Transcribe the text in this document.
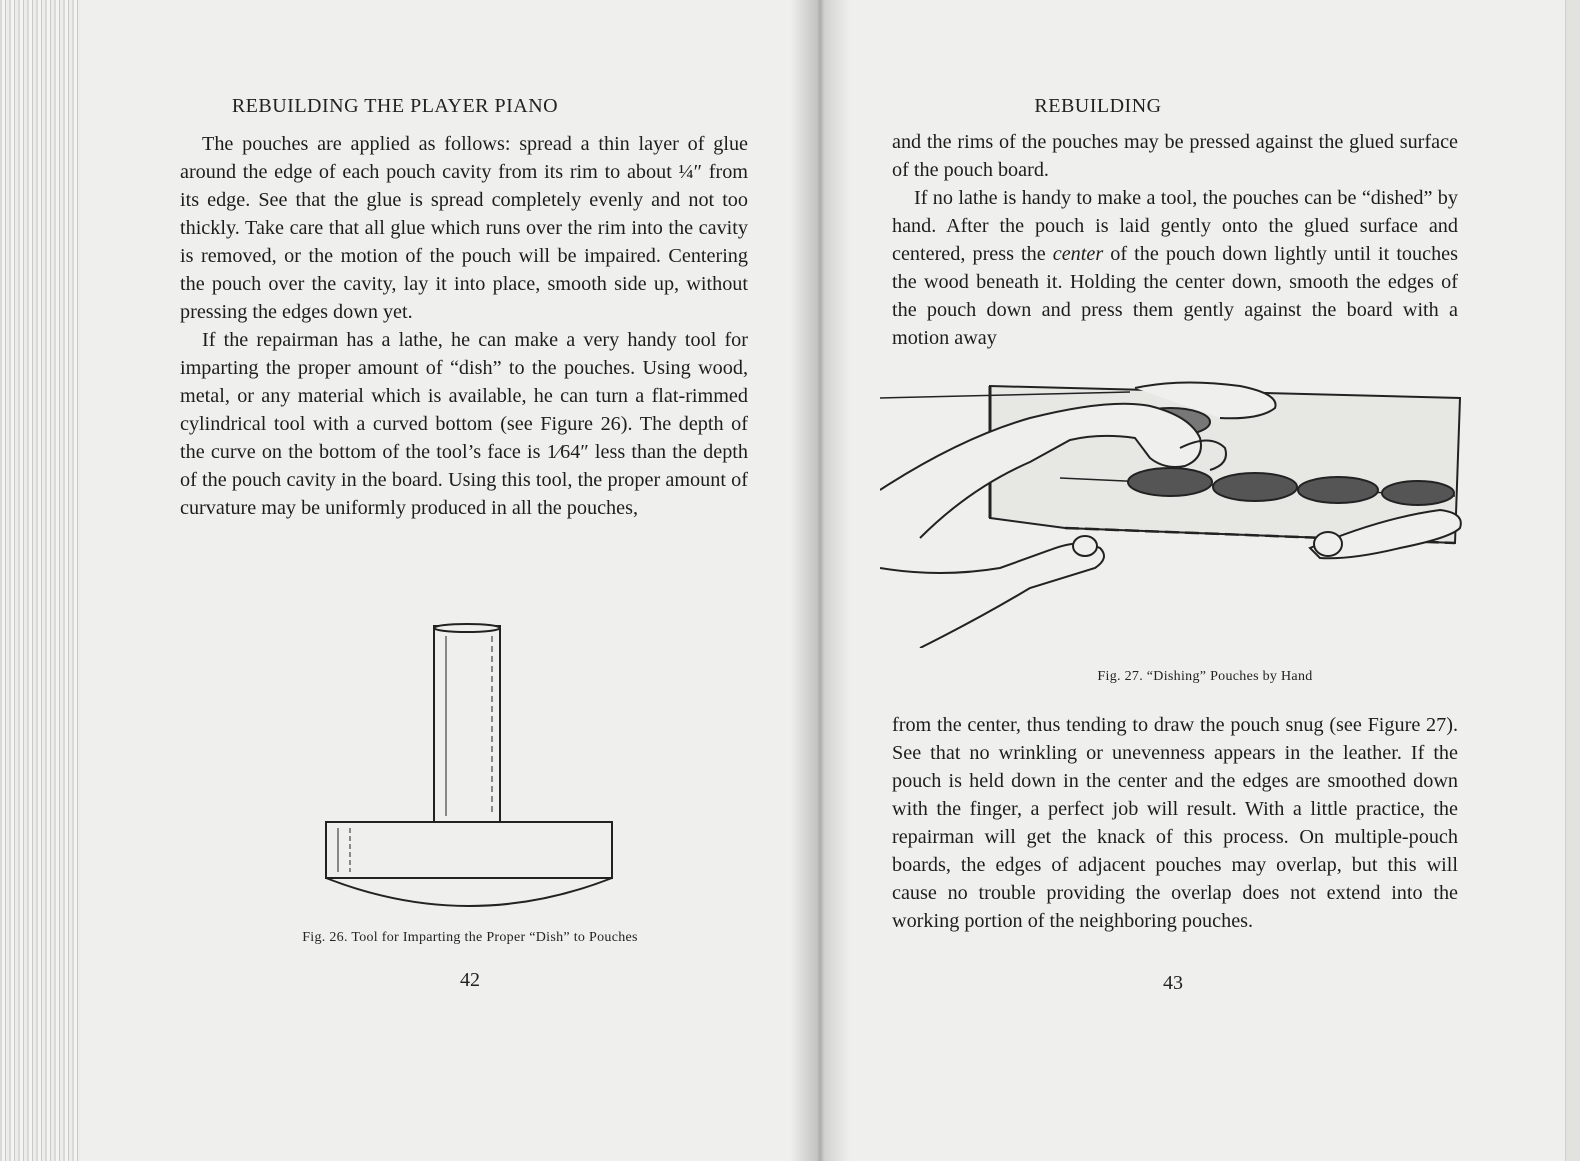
REBUILDING THE PLAYER PIANO

The pouches are applied as follows: spread a thin layer of glue around the edge of each pouch cavity from its rim to about ¼″ from its edge. See that the glue is spread completely evenly and not too thickly. Take care that all glue which runs over the rim into the cavity is removed, or the motion of the pouch will be impaired. Centering the pouch over the cavity, lay it into place, smooth side up, without pressing the edges down yet.

If the repairman has a lathe, he can make a very handy tool for imparting the proper amount of “dish” to the pouches. Using wood, metal, or any material which is available, he can turn a flat-rimmed cylindrical tool with a curved bottom (see Figure 26). The depth of the curve on the bottom of the tool’s face is 1⁄64″ less than the depth of the pouch cavity in the board. Using this tool, the proper amount of curvature may be uniformly produced in all the pouches,

Fig. 26. Tool for Imparting the Proper “Dish” to Pouches
42
REBUILDING

and the rims of the pouches may be pressed against the glued surface of the pouch board.

If no lathe is handy to make a tool, the pouches can be “dished” by hand. After the pouch is laid gently onto the glued surface and centered, press the center of the pouch down lightly until it touches the wood beneath it. Holding the center down, smooth the edges of the pouch down and press them gently against the board with a motion away

Fig. 27. “Dishing” Pouches by Hand

from the center, thus tending to draw the pouch snug (see Figure 27). See that no wrinkling or unevenness appears in the leather. If the pouch is held down in the center and the edges are smoothed down with the finger, a perfect job will result. With a little practice, the repairman will get the knack of this process. On multiple-pouch boards, the edges of adjacent pouches may overlap, but this will cause no trouble providing the overlap does not extend into the working portion of the neighboring pouches.

43
